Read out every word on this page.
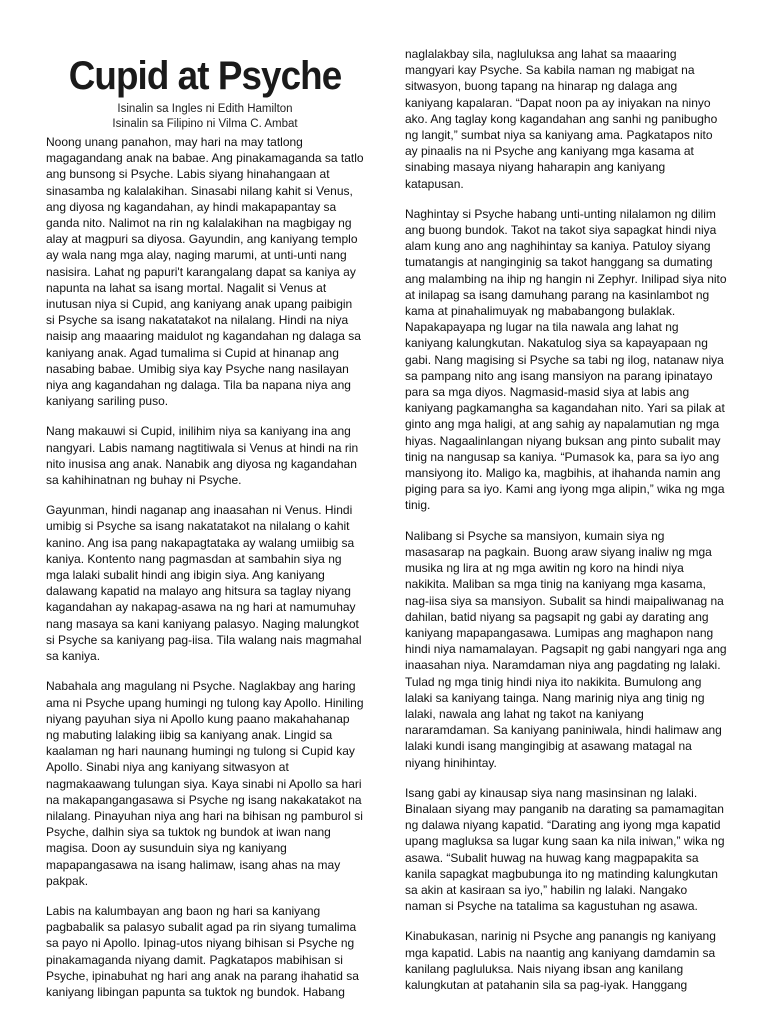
Cupid at Psyche
Isinalin sa Ingles ni Edith Hamilton
Isinalin sa Filipino ni Vilma C. Ambat

Noong unang panahon, may hari na may tatlong magagandang anak na babae. Ang pinakamaganda sa tatlo ang bunsong si Psyche. Labis siyang hinahangaan at sinasamba ng kalalakihan. Sinasabi nilang kahit si Venus, ang diyosa ng kagandahan, ay hindi makapapantay sa ganda nito. Nalimot na rin ng kalalakihan na magbigay ng alay at magpuri sa diyosa. Gayundin, ang kaniyang templo ay wala nang mga alay, naging marumi, at unti-unti nang nasisira. Lahat ng papuri't karangalang dapat sa kaniya ay napunta na lahat sa isang mortal. Nagalit si Venus at inutusan niya si Cupid, ang kaniyang anak upang paibigin si Psyche sa isang nakatatakot na nilalang. Hindi na niya naisip ang maaaring maidulot ng kagandahan ng dalaga sa kaniyang anak. Agad tumalima si Cupid at hinanap ang nasabing babae. Umibig siya kay Psyche nang nasilayan niya ang kagandahan ng dalaga. Tila ba napana niya ang kaniyang sariling puso.

Nang makauwi si Cupid, inilihim niya sa kaniyang ina ang nangyari. Labis namang nagtitiwala si Venus at hindi na rin nito inusisa ang anak. Nanabik ang diyosa ng kagandahan sa kahihinatnan ng buhay ni Psyche.

Gayunman, hindi naganap ang inaasahan ni Venus. Hindi umibig si Psyche sa isang nakatatakot na nilalang o kahit kanino. Ang isa pang nakapagtataka ay walang umiibig sa kaniya. Kontento nang pagmasdan at sambahin siya ng mga lalaki subalit hindi ang ibigin siya. Ang kaniyang dalawang kapatid na malayo ang hitsura sa taglay niyang kagandahan ay nakapag-asawa na ng hari at namumuhay nang masaya sa kani kaniyang palasyo. Naging malungkot si Psyche sa kaniyang pag-iisa. Tila walang nais magmahal sa kaniya.

Nabahala ang magulang ni Psyche. Naglakbay ang haring ama ni Psyche upang humingi ng tulong kay Apollo. Hiniling niyang payuhan siya ni Apollo kung paano makahahanap ng mabuting lalaking iibig sa kaniyang anak. Lingid sa kaalaman ng hari naunang humingi ng tulong si Cupid kay Apollo. Sinabi niya ang kaniyang sitwasyon at nagmakaawang tulungan siya. Kaya sinabi ni Apollo sa hari na makapangangasawa si Psyche ng isang nakakatakot na nilalang. Pinayuhan niya ang hari na bihisan ng pamburol si Psyche, dalhin siya sa tuktok ng bundok at iwan nang magisa. Doon ay susunduin siya ng kaniyang mapapangasawa na isang halimaw, isang ahas na may pakpak.

Labis na kalumbayan ang baon ng hari sa kaniyang pagbabalik sa palasyo subalit agad pa rin siyang tumalima sa payo ni Apollo. Ipinag-utos niyang bihisan si Psyche ng pinakamaganda niyang damit. Pagkatapos mabihisan si Psyche, ipinabuhat ng hari ang anak na parang ihahatid sa kaniyang libingan papunta sa tuktok ng bundok. Habang

naglalakbay sila, nagluluksa ang lahat sa maaaring mangyari kay Psyche. Sa kabila naman ng mabigat na sitwasyon, buong tapang na hinarap ng dalaga ang kaniyang kapalaran. “Dapat noon pa ay iniyakan na ninyo ako. Ang taglay kong kagandahan ang sanhi ng panibugho ng langit,” sumbat niya sa kaniyang ama. Pagkatapos nito ay pinaalis na ni Psyche ang kaniyang mga kasama at sinabing masaya niyang haharapin ang kaniyang katapusan.

Naghintay si Psyche habang unti-unting nilalamon ng dilim ang buong bundok. Takot na takot siya sapagkat hindi niya alam kung ano ang naghihintay sa kaniya. Patuloy siyang tumatangis at nanginginig sa takot hanggang sa dumating ang malambing na ihip ng hangin ni Zephyr. Inilipad siya nito at inilapag sa isang damuhang parang na kasinlambot ng kama at pinahalimuyak ng mababangong bulaklak. Napakapayapa ng lugar na tila nawala ang lahat ng kaniyang kalungkutan. Nakatulog siya sa kapayapaan ng gabi. Nang magising si Psyche sa tabi ng ilog, natanaw niya sa pampang nito ang isang mansiyon na parang ipinatayo para sa mga diyos. Nagmasid-masid siya at labis ang kaniyang pagkamangha sa kagandahan nito. Yari sa pilak at ginto ang mga haligi, at ang sahig ay napalamutian ng mga hiyas. Nagaalinlangan niyang buksan ang pinto subalit may tinig na nangusap sa kaniya. “Pumasok ka, para sa iyo ang mansiyong ito. Maligo ka, magbihis, at ihahanda namin ang piging para sa iyo. Kami ang iyong mga alipin,” wika ng mga tinig.

Nalibang si Psyche sa mansiyon, kumain siya ng masasarap na pagkain. Buong araw siyang inaliw ng mga musika ng lira at ng mga awitin ng koro na hindi niya nakikita. Maliban sa mga tinig na kaniyang mga kasama, nag-iisa siya sa mansiyon. Subalit sa hindi maipaliwanag na dahilan, batid niyang sa pagsapit ng gabi ay darating ang kaniyang mapapangasawa. Lumipas ang maghapon nang hindi niya namamalayan. Pagsapit ng gabi nangyari nga ang inaasahan niya. Naramdaman niya ang pagdating ng lalaki. Tulad ng mga tinig hindi niya ito nakikita. Bumulong ang lalaki sa kaniyang tainga. Nang marinig niya ang tinig ng lalaki, nawala ang lahat ng takot na kaniyang nararamdaman. Sa kaniyang paniniwala, hindi halimaw ang lalaki kundi isang mangingibig at asawang matagal na niyang hinihintay.

Isang gabi ay kinausap siya nang masinsinan ng lalaki. Binalaan siyang may panganib na darating sa pamamagitan ng dalawa niyang kapatid. “Darating ang iyong mga kapatid upang magluksa sa lugar kung saan ka nila iniwan,” wika ng asawa. “Subalit huwag na huwag kang magpapakita sa kanila sapagkat magbubunga ito ng matinding kalungkutan sa akin at kasiraan sa iyo,” habilin ng lalaki. Nangako naman si Psyche na tatalima sa kagustuhan ng asawa.

Kinabukasan, narinig ni Psyche ang panangis ng kaniyang mga kapatid. Labis na naantig ang kaniyang damdamin sa kanilang pagluluksa. Nais niyang ibsan ang kanilang kalungkutan at patahanin sila sa pag-iyak. Hanggang
